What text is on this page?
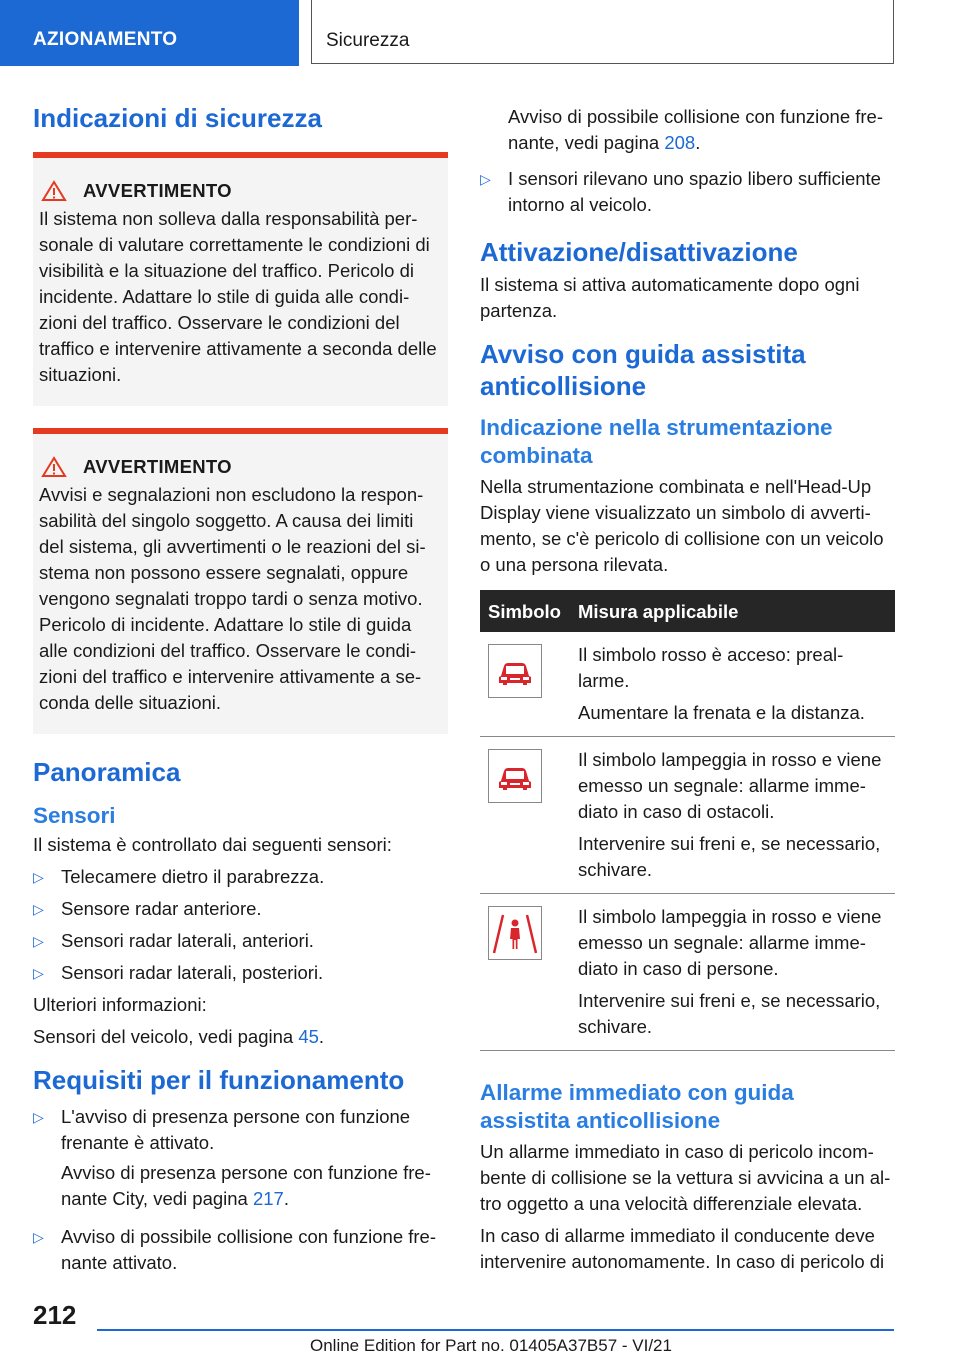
AZIONAMENTO	Sicurezza
Indicazioni di sicurezza
AVVERTIMENTO

Il sistema non solleva dalla responsabilità personale di valutare correttamente le condizioni di visibilità e la situazione del traffico. Pericolo di incidente. Adattare lo stile di guida alle condizioni del traffico. Osservare le condizioni del traffico e intervenire attivamente a seconda delle situazioni.

AVVERTIMENTO

Avvisi e segnalazioni non escludono la responsabilità del singolo soggetto. A causa dei limiti del sistema, gli avvertimenti o le reazioni del sistema non possono essere segnalati, oppure vengono segnalati troppo tardi o senza motivo. Pericolo di incidente. Adattare lo stile di guida alle condizioni del traffico. Osservare le condizioni del traffico e intervenire attivamente a seconda delle situazioni.

Panoramica
Sensori

Il sistema è controllato dai seguenti sensori:

▷ Telecamere dietro il parabrezza.
▷ Sensore radar anteriore.
▷ Sensori radar laterali, anteriori.
▷ Sensori radar laterali, posteriori.

Ulteriori informazioni:

Sensori del veicolo, vedi pagina 45.

Requisiti per il funzionamento
▷ L'avviso di presenza persone con funzione frenante è attivato.
Avviso di presenza persone con funzione frenante City, vedi pagina 217.
▷ Avviso di possibile collisione con funzione frenante attivato.

Avviso di possibile collisione con funzione frenante, vedi pagina 208.

▷ I sensori rilevano uno spazio libero sufficiente intorno al veicolo.
Attivazione/disattivazione

Il sistema si attiva automaticamente dopo ogni partenza.

Avviso con guida assistita anticollisione
Indicazione nella strumentazione combinata

Nella strumentazione combinata e nell'Head-Up Display viene visualizzato un simbolo di avvertimento, se c'è pericolo di collisione con un veicolo o una persona rilevata.

Simbolo	Misura applicabile

Il simbolo rosso è acceso: preallarme.

Aumentare la frenata e la distanza.

Il simbolo lampeggia in rosso e viene emesso un segnale: allarme immediato in caso di ostacoli.

Intervenire sui freni e, se necessario, schivare.

Il simbolo lampeggia in rosso e viene emesso un segnale: allarme immediato in caso di persone.

Intervenire sui freni e, se necessario, schivare.

Allarme immediato con guida assistita anticollisione

Un allarme immediato in caso di pericolo incombente di collisione se la vettura si avvicina a un altro oggetto a una velocità differenziale elevata.

In caso di allarme immediato il conducente deve intervenire autonomamente. In caso di pericolo di

212
Online Edition for Part no. 01405A37B57 - VI/21
